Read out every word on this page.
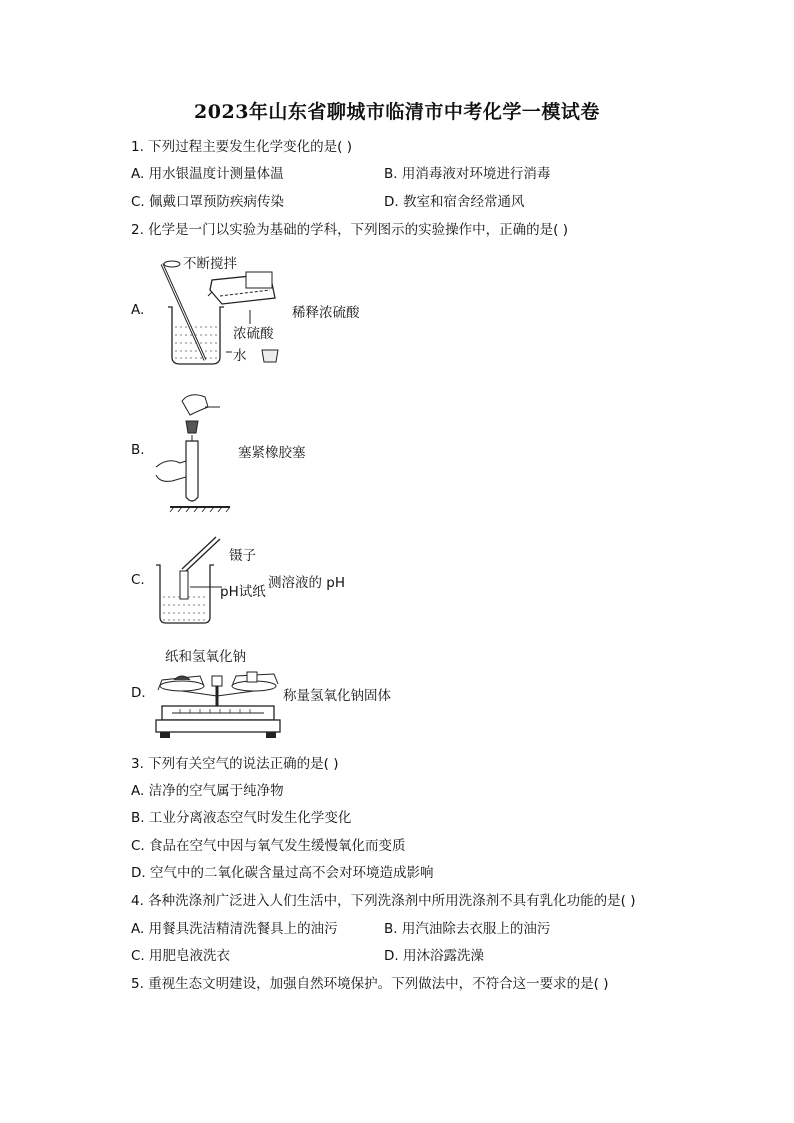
2023年山东省聊城市临清市中考化学一模试卷
1. 下列过程主要发生化学变化的是( )
A. 用水银温度计测量体温	B. 用消毒液对环境进行消毒
C. 佩戴口罩预防疾病传染	D. 教室和宿舍经常通风
2. 化学是一门以实验为基础的学科，下列图示的实验操作中，正确的是( )
A.
不断搅拌
浓硫酸
水
稀释浓硫酸
B.	塞紧橡胶塞
C.
镊子
测溶液的 pH
pH试纸
D.
纸和氢氧化钠
称量氢氧化钠固体
3. 下列有关空气的说法正确的是( )
A. 洁净的空气属于纯净物
B. 工业分离液态空气时发生化学变化
C. 食品在空气中因与氧气发生缓慢氧化而变质
D. 空气中的二氧化碳含量过高不会对环境造成影响
4. 各种洗涤剂广泛进入人们生活中，下列洗涤剂中所用洗涤剂不具有乳化功能的是( )
A. 用餐具洗洁精清洗餐具上的油污	B. 用汽油除去衣服上的油污
C. 用肥皂液洗衣	D. 用沐浴露洗澡
5. 重视生态文明建设，加强自然环境保护。下列做法中，不符合这一要求的是( )
